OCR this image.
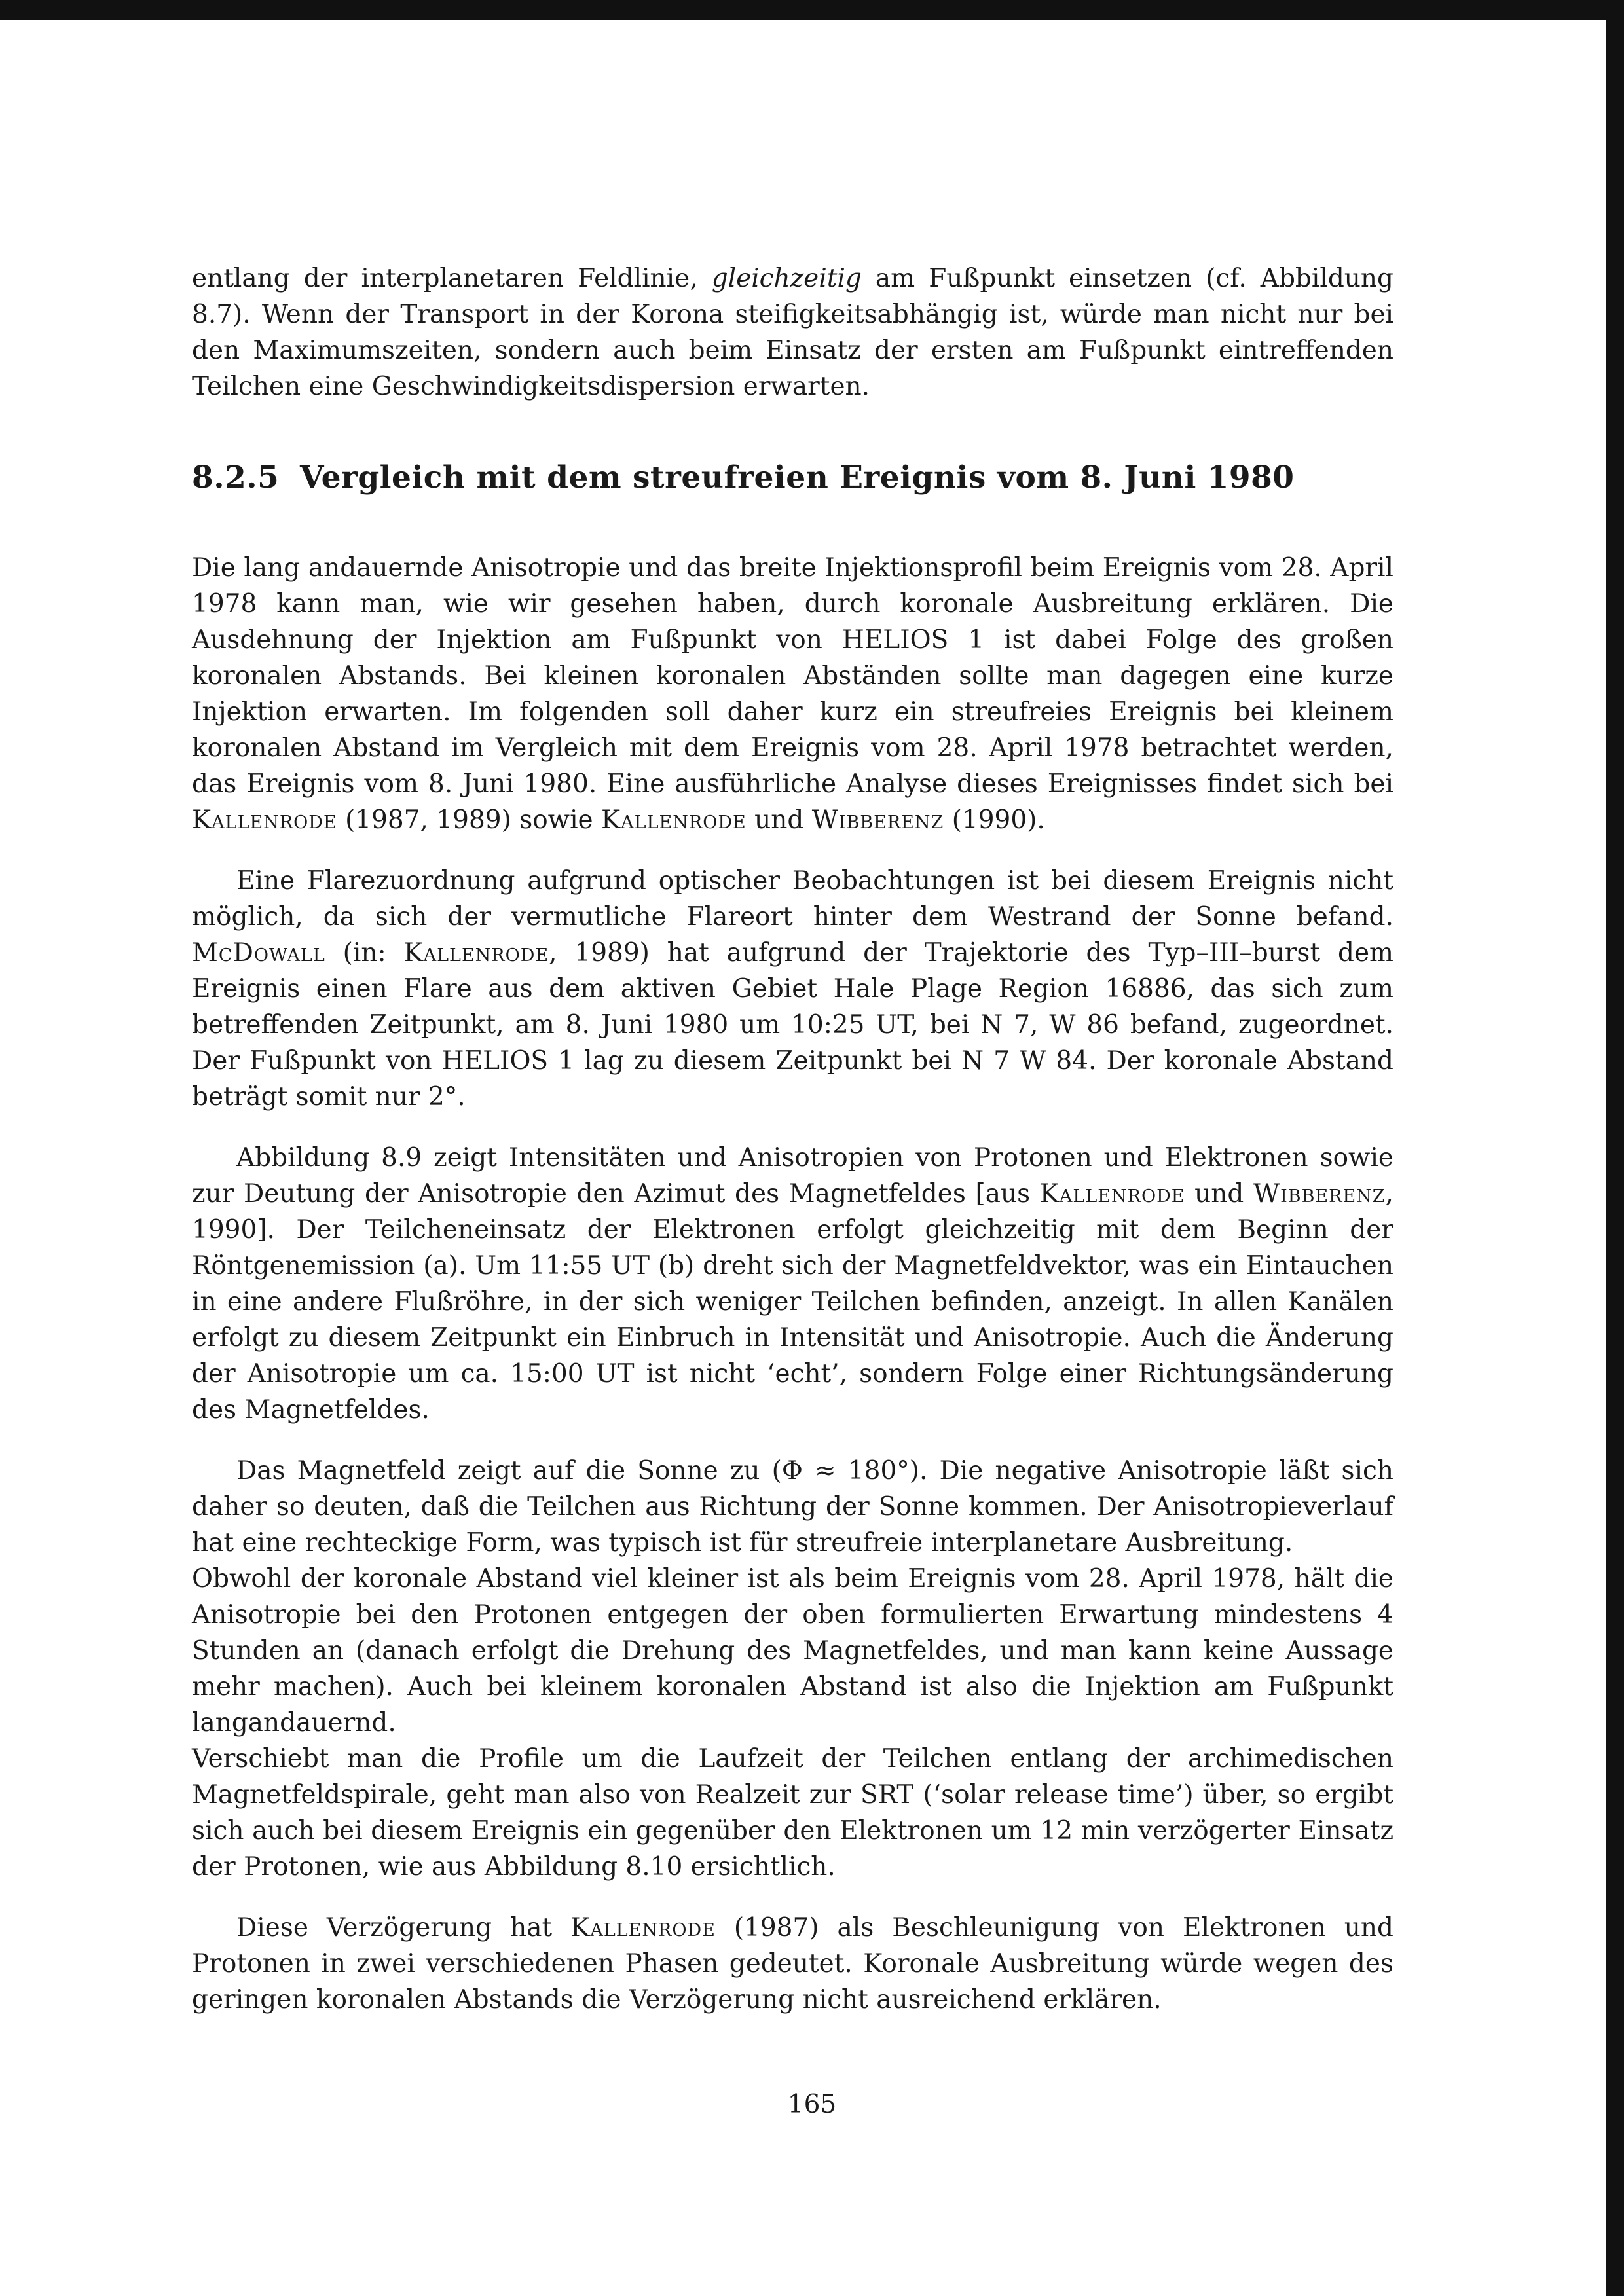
entlang der interplanetaren Feldlinie, gleichzeitig am Fußpunkt einsetzen (cf. Abbildung 8.7). Wenn der Transport in der Korona steifigkeitsabhängig ist, würde man nicht nur bei den Maximumszeiten, sondern auch beim Einsatz der ersten am Fußpunkt eintreffenden Teilchen eine Geschwindigkeitsdispersion erwarten.

8.2.5 Vergleich mit dem streufreien Ereignis vom 8. Juni 1980

Die lang andauernde Anisotropie und das breite Injektionsprofil beim Ereignis vom 28. April 1978 kann man, wie wir gesehen haben, durch koronale Ausbreitung erklären. Die Ausdehnung der Injektion am Fußpunkt von HELIOS 1 ist dabei Folge des großen koronalen Abstands. Bei kleinen koronalen Abständen sollte man dagegen eine kurze Injektion erwarten. Im folgenden soll daher kurz ein streufreies Ereignis bei kleinem koronalen Abstand im Vergleich mit dem Ereignis vom 28. April 1978 betrachtet werden, das Ereignis vom 8. Juni 1980. Eine ausführliche Analyse dieses Ereignisses findet sich bei Kallenrode (1987, 1989) sowie Kallenrode und Wibberenz (1990).

Eine Flarezuordnung aufgrund optischer Beobachtungen ist bei diesem Ereignis nicht möglich, da sich der vermutliche Flareort hinter dem Westrand der Sonne befand. McDowall (in: Kallenrode, 1989) hat aufgrund der Trajektorie des Typ–III–burst dem Ereignis einen Flare aus dem aktiven Gebiet Hale Plage Region 16886, das sich zum betreffenden Zeitpunkt, am 8. Juni 1980 um 10:25 UT, bei N 7, W 86 befand, zugeordnet. Der Fußpunkt von HELIOS 1 lag zu diesem Zeitpunkt bei N 7 W 84. Der koronale Abstand beträgt somit nur 2°.

Abbildung 8.9 zeigt Intensitäten und Anisotropien von Protonen und Elektronen sowie zur Deutung der Anisotropie den Azimut des Magnetfeldes [aus Kallenrode und Wibberenz, 1990]. Der Teilcheneinsatz der Elektronen erfolgt gleichzeitig mit dem Beginn der Röntgenemission (a). Um 11:55 UT (b) dreht sich der Magnetfeldvektor, was ein Eintauchen in eine andere Flußröhre, in der sich weniger Teilchen befinden, anzeigt. In allen Kanälen erfolgt zu diesem Zeitpunkt ein Einbruch in Intensität und Anisotropie. Auch die Änderung der Anisotropie um ca. 15:00 UT ist nicht ‘echt’, sondern Folge einer Richtungsänderung des Magnetfeldes.

Das Magnetfeld zeigt auf die Sonne zu (Φ ≈ 180°). Die negative Anisotropie läßt sich daher so deuten, daß die Teilchen aus Richtung der Sonne kommen. Der Anisotropieverlauf hat eine rechteckige Form, was typisch ist für streufreie interplanetare Ausbreitung.

Obwohl der koronale Abstand viel kleiner ist als beim Ereignis vom 28. April 1978, hält die Anisotropie bei den Protonen entgegen der oben formulierten Erwartung mindestens 4 Stunden an (danach erfolgt die Drehung des Magnetfeldes, und man kann keine Aussage mehr machen). Auch bei kleinem koronalen Abstand ist also die Injektion am Fußpunkt langandauernd.

Verschiebt man die Profile um die Laufzeit der Teilchen entlang der archimedischen Magnetfeldspirale, geht man also von Realzeit zur SRT (‘solar release time’) über, so ergibt sich auch bei diesem Ereignis ein gegenüber den Elektronen um 12 min verzögerter Einsatz der Protonen, wie aus Abbildung 8.10 ersichtlich.

Diese Verzögerung hat Kallenrode (1987) als Beschleunigung von Elektronen und Protonen in zwei verschiedenen Phasen gedeutet. Koronale Ausbreitung würde wegen des geringen koronalen Abstands die Verzögerung nicht ausreichend erklären.

165
